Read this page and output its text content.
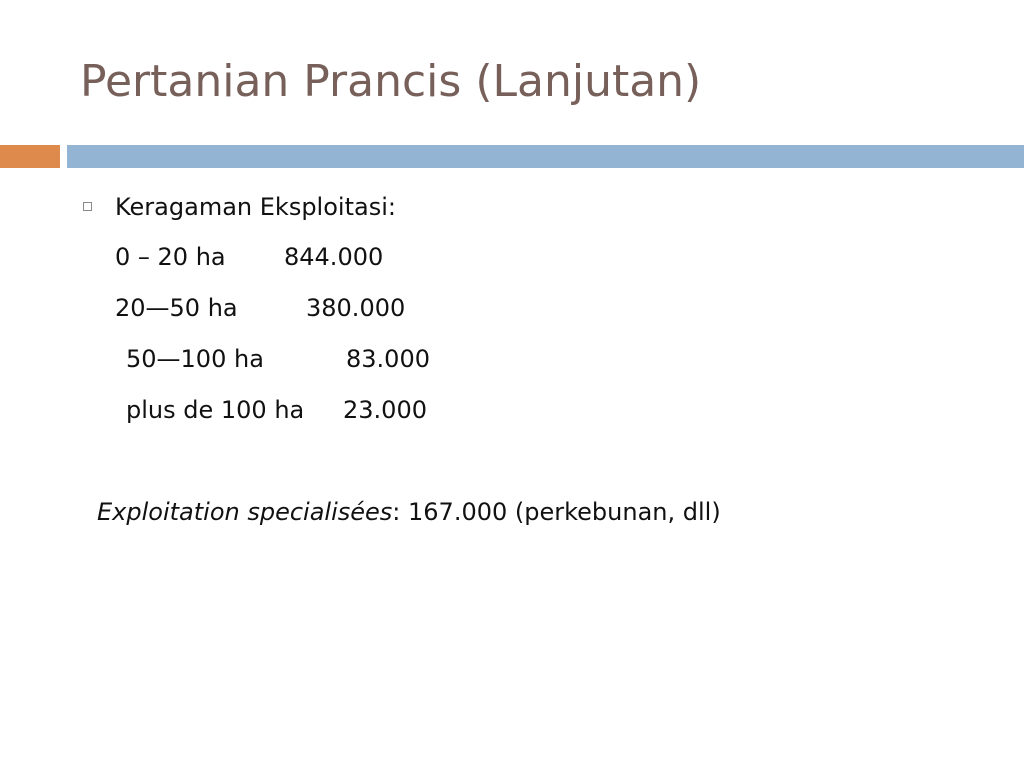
Pertanian Prancis (Lanjutan)
Keragaman Eksploitasi:
0 – 20 ha 844.000
20—50 ha	380.000
50—100 ha	83.000
plus de 100 ha 23.000
Exploitation specialisées: 167.000 (perkebunan, dll)
